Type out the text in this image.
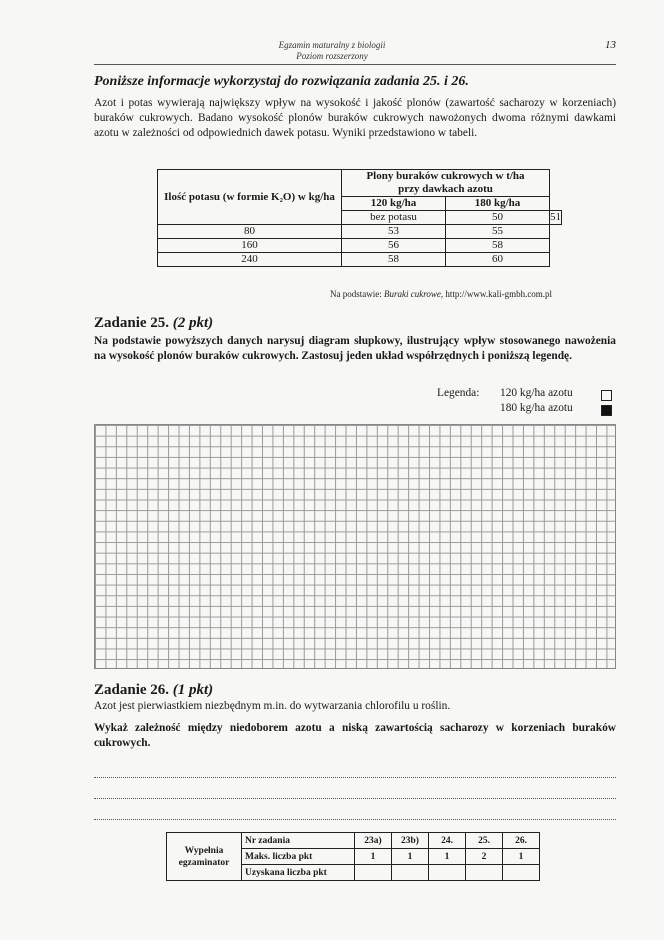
Egzamin maturalny z biologii
Poziom rozszerzony
13
Poniższe informacje wykorzystaj do rozwiązania zadania 25. i 26.
Azot i potas wywierają największy wpływ na wysokość i jakość plonów (zawartość sacharozy w korzeniach) buraków cukrowych. Badano wysokość plonów buraków cukrowych nawożonych dwoma różnymi dawkami azotu w zależności od odpowiednich dawek potasu. Wyniki przedstawiono w tabeli.
Ilość potasu (w formie K₂O) w kg/ha	Plony buraków cukrowych w t/ha przy dawkach azotu		
	120 kg/ha	180 kg/ha	
	bez potasu	50	51
80	53	55	
160	56	58	
240	58	60	
Na podstawie: Buraki cukrowe, http://www.kali-gmbh.com.pl
Zadanie 25. (2 pkt)
Na podstawie powyższych danych narysuj diagram słupkowy, ilustrujący wpływ stosowanego nawożenia na wysokość plonów buraków cukrowych. Zastosuj jeden układ współrzędnych i poniższą legendę.
Legenda: 120 kg/ha azotu
180 kg/ha azotu
Zadanie 26. (1 pkt)
Azot jest pierwiastkiem niezbędnym m.in. do wytwarzania chlorofilu u roślin.
Wykaż zależność między niedoborem azotu a niską zawartością sacharozy w korzeniach buraków cukrowych.
Wypełnia egzaminator	Nr zadania	23a)	23b)	24.	25.	26.
	Maks. liczba pkt	1	1	1	2	1
	Uzyskana liczba pkt					
